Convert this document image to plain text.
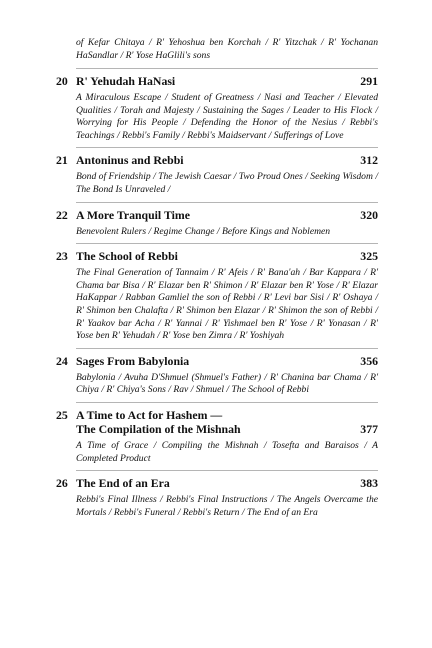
of Kefar Chitaya / R' Yehoshua ben Korchah / R' Yitzchak / R' Yochanan HaSandlar / R' Yose HaGlili's sons
20 R' Yehudah HaNasi	291
A Miraculous Escape / Student of Greatness / Nasi and Teacher / Elevated Qualities / Torah and Majesty / Sustaining the Sages / Leader to His Flock / Worrying for His People / Defending the Honor of the Nesius / Rebbi's Teachings / Rebbi's Family / Rebbi's Maidservant / Sufferings of Love
21 Antoninus and Rebbi	312
Bond of Friendship / The Jewish Caesar / Two Proud Ones / Seeking Wisdom / The Bond Is Unraveled /
22 A More Tranquil Time	320
Benevolent Rulers / Regime Change / Before Kings and Noblemen
23 The School of Rebbi	325
The Final Generation of Tannaim / R' Afeis / R' Bana'ah / Bar Kappara / R' Chama bar Bisa / R' Elazar ben R' Shimon / R' Elazar ben R' Yose / R' Elazar HaKappar / Rabban Gamliel the son of Rebbi / R' Levi bar Sisi / R' Oshaya / R' Shimon ben Chalafta / R' Shimon ben Elazar / R' Shimon the son of Rebbi / R' Yaakov bar Acha / R' Yannai / R' Yishmael ben R' Yose / R' Yonasan / R' Yose ben R' Yehudah / R' Yose ben Zimra / R' Yoshiyah
24 Sages From Babylonia	356
Babylonia / Avuha D'Shmuel (Shmuel's Father) / R' Chanina bar Chama / R' Chiya / R' Chiya's Sons / Rav / Shmuel / The School of Rebbi
25 A Time to Act for Hashem —
The Compilation of the Mishnah	377
A Time of Grace / Compiling the Mishnah / Tosefta and Baraisos / A Completed Product
26 The End of an Era	383
Rebbi's Final Illness / Rebbi's Final Instructions / The Angels Overcame the Mortals / Rebbi's Funeral / Rebbi's Return / The End of an Era
